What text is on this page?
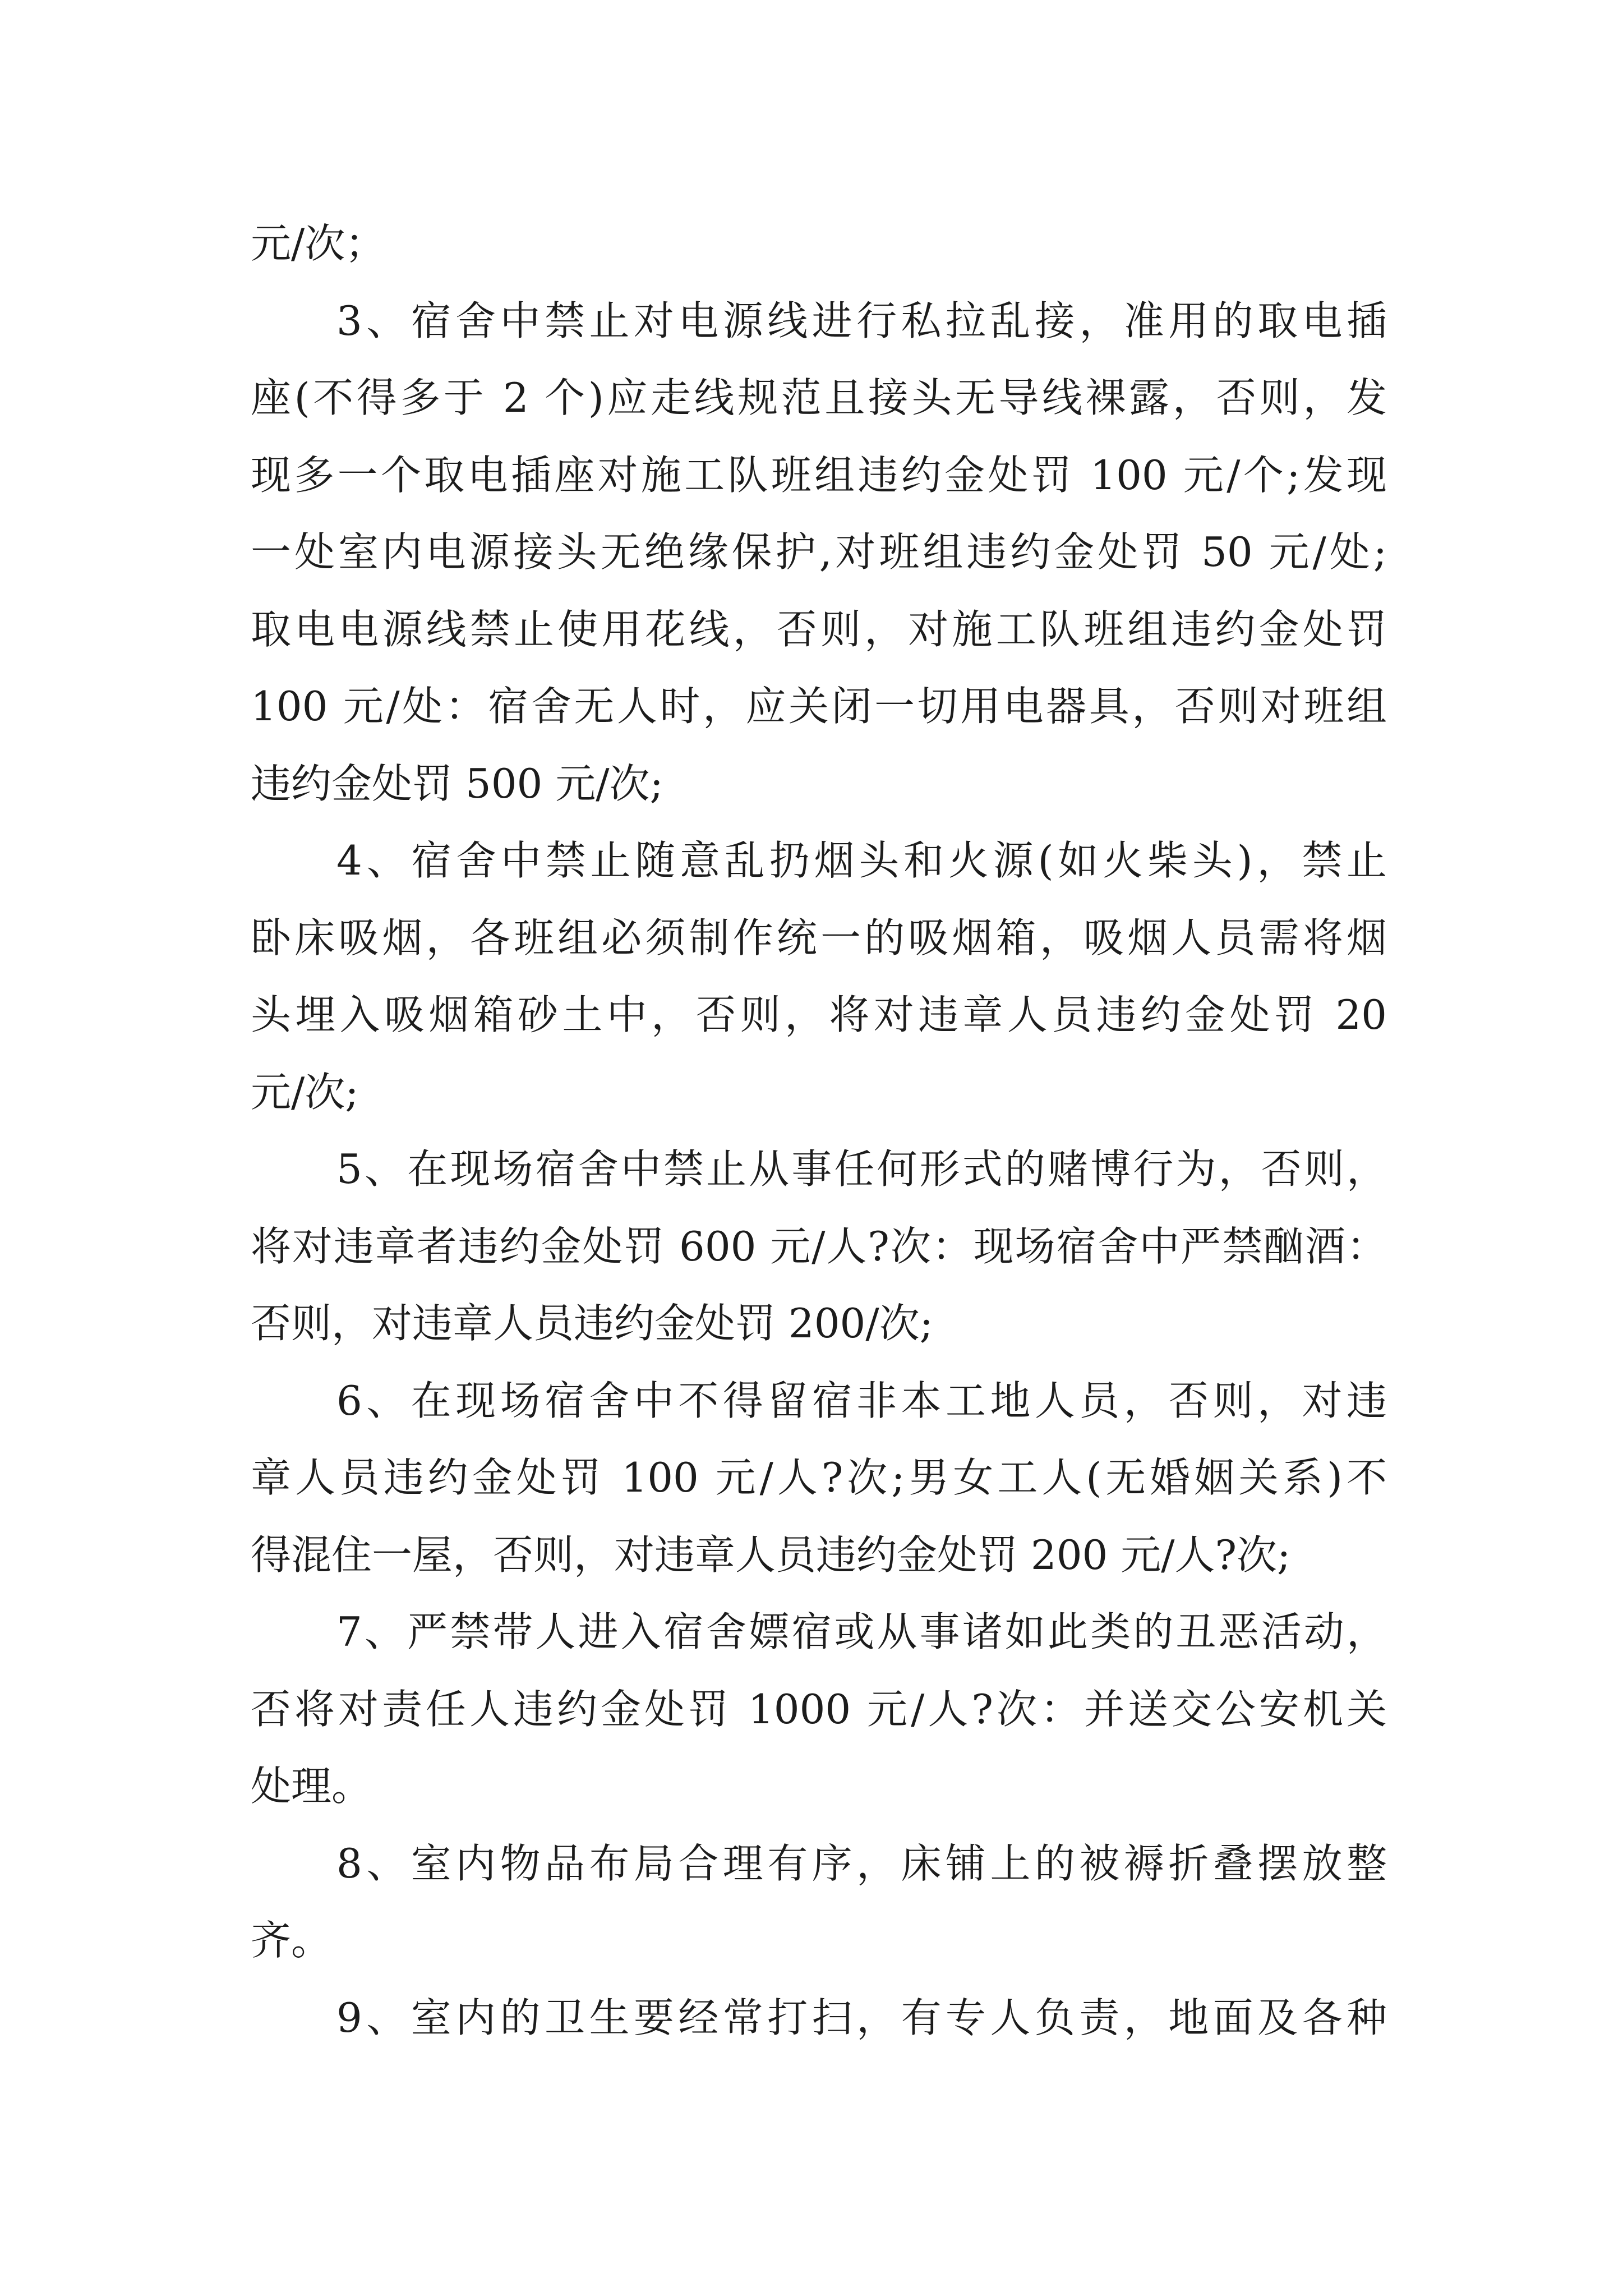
元/次；
3、宿舍中禁止对电源线进行私拉乱接，准用的取电插
座(不得多于 2 个)应走线规范且接头无导线裸露，否则，发
现多一个取电插座对施工队班组违约金处罚 100 元/个;发现
一处室内电源接头无绝缘保护,对班组违约金处罚 50 元/处;
取电电源线禁止使用花线，否则，对施工队班组违约金处罚
100 元/处：宿舍无人时，应关闭一切用电器具，否则对班组
违约金处罚 500 元/次;
4、宿舍中禁止随意乱扔烟头和火源(如火柴头)，禁止
卧床吸烟，各班组必须制作统一的吸烟箱，吸烟人员需将烟
头埋入吸烟箱砂土中，否则，将对违章人员违约金处罚 20
元/次;
5、在现场宿舍中禁止从事任何形式的赌博行为，否则，
将对违章者违约金处罚 600 元/人?次：现场宿舍中严禁酗酒：
否则，对违章人员违约金处罚 200/次;
6、在现场宿舍中不得留宿非本工地人员，否则，对违
章人员违约金处罚 100 元/人?次;男女工人(无婚姻关系)不
得混住一屋，否则，对违章人员违约金处罚 200 元/人?次;
7、严禁带人进入宿舍嫖宿或从事诸如此类的丑恶活动，
否将对责任人违约金处罚 1000 元/人?次：并送交公安机关
处理。
8、室内物品布局合理有序，床铺上的被褥折叠摆放整
齐。
9、室内的卫生要经常打扫，有专人负责，地面及各种
